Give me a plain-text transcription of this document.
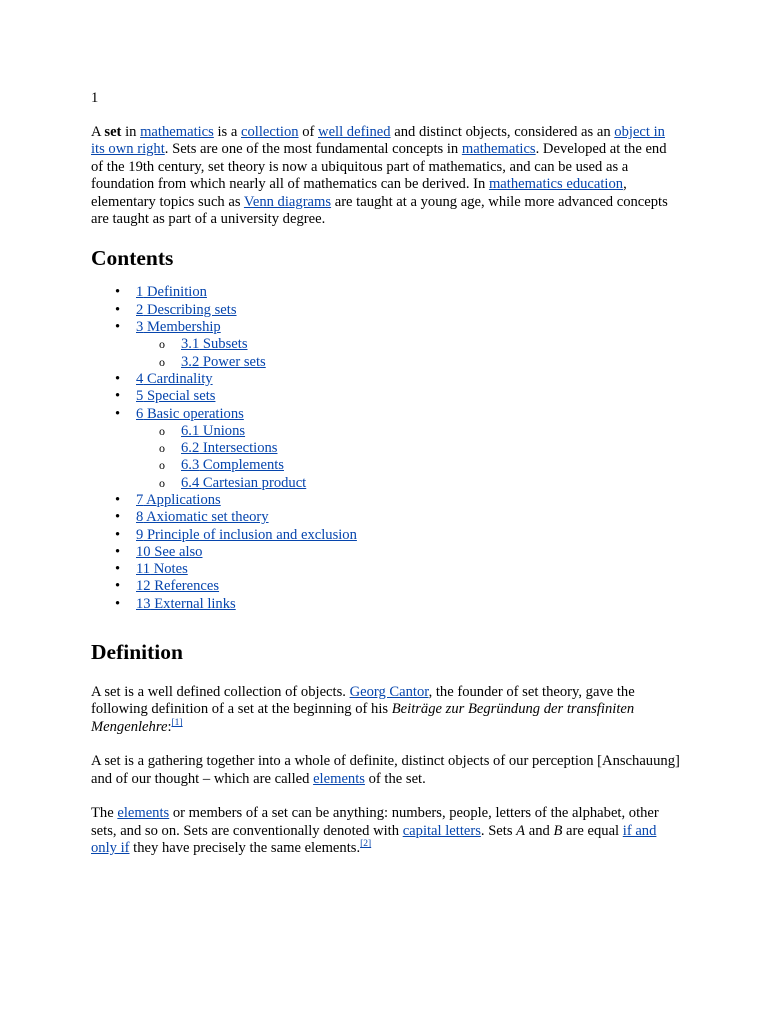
1

A set in mathematics is a collection of well defined and distinct objects, considered as an object in its own right. Sets are one of the most fundamental concepts in mathematics. Developed at the end of the 19th century, set theory is now a ubiquitous part of mathematics, and can be used as a foundation from which nearly all of mathematics can be derived. In mathematics education, elementary topics such as Venn diagrams are taught at a young age, while more advanced concepts are taught as part of a university degree.

Contents
• 1 Definition
• 2 Describing sets
• 3 Membership
o 3.1 Subsets
o 3.2 Power sets
• 4 Cardinality
• 5 Special sets
• 6 Basic operations
o 6.1 Unions
o 6.2 Intersections
o 6.3 Complements
o 6.4 Cartesian product
• 7 Applications
• 8 Axiomatic set theory
• 9 Principle of inclusion and exclusion
• 10 See also
• 11 Notes
• 12 References
• 13 External links
Definition

A set is a well defined collection of objects. Georg Cantor, the founder of set theory, gave the following definition of a set at the beginning of his Beiträge zur Begründung der transfiniten Mengenlehre:[1]

A set is a gathering together into a whole of definite, distinct objects of our perception [Anschauung] and of our thought – which are called elements of the set.

The elements or members of a set can be anything: numbers, people, letters of the alphabet, other sets, and so on. Sets are conventionally denoted with capital letters. Sets A and B are equal if and only if they have precisely the same elements.[2]
